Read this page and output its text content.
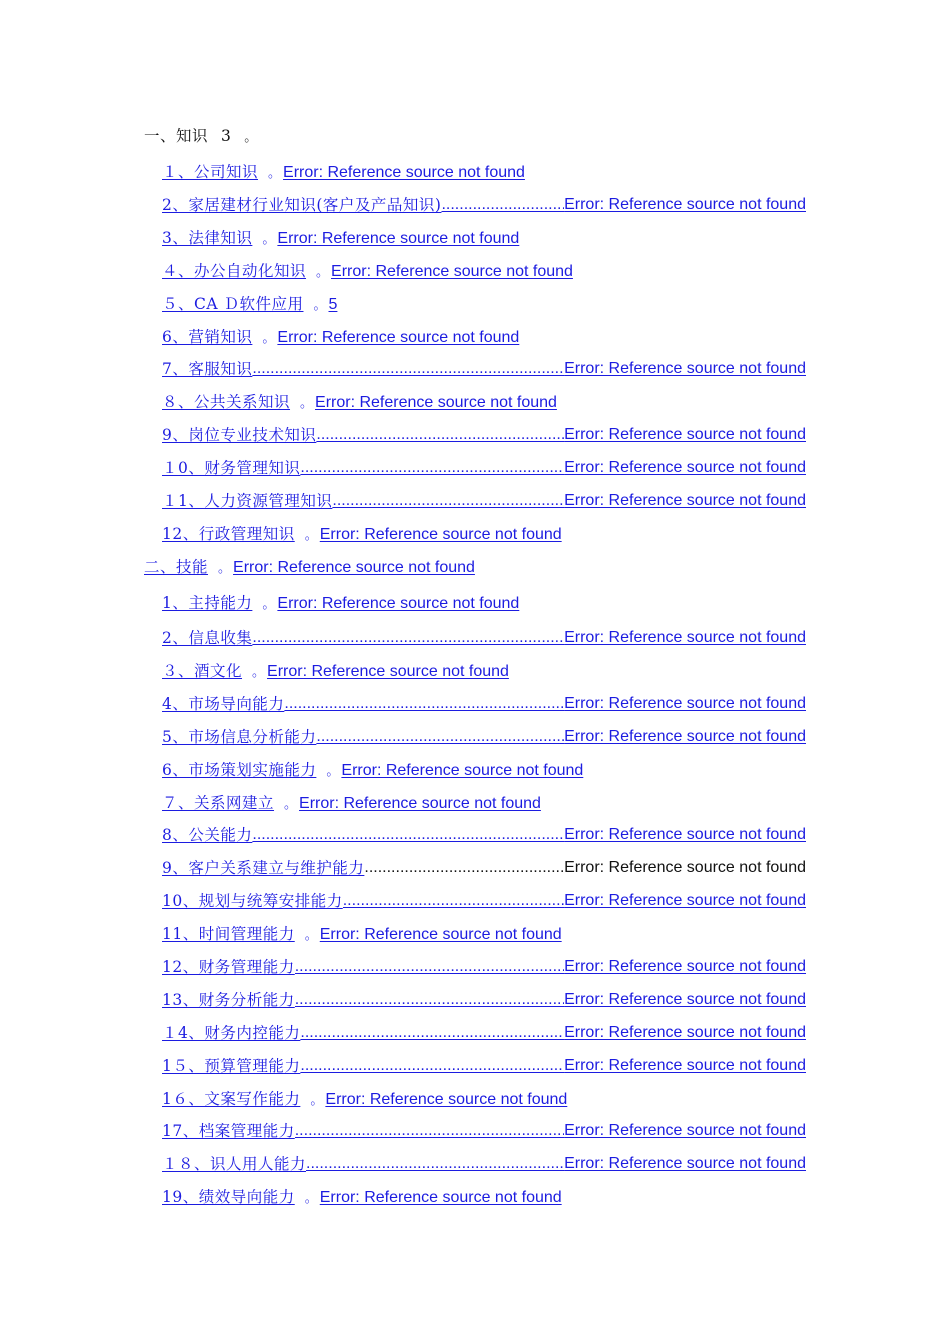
一、知识 3 。
１、公司知识 。 Error: Reference source not found
2、家居建材行业知识(客户及产品知识) .....	Error: Reference source not found
3、法律知识 。 Error: Reference source not found
４、办公自动化知识 。 Error: Reference source not found
５、CA Ｄ软件应用 。 5
6、营销知识 。 Error: Reference source not found
7、客服知识 .....	Error: Reference source not found
８、公共关系知识 。 Error: Reference source not found
9、岗位专业技术知识 .....	Error: Reference source not found
１0、财务管理知识 .....	Error: Reference source not found
１1、人力资源管理知识 .....	Error: Reference source not found
12、行政管理知识 。 Error: Reference source not found
二、技能 。 Error: Reference source not found
1、主持能力 。 Error: Reference source not found
2、信息收集 .....	Error: Reference source not found
３、酒文化 。 Error: Reference source not found
4、市场导向能力 .....	Error: Reference source not found
5、市场信息分析能力 .....	Error: Reference source not found
6、市场策划实施能力 。 Error: Reference source not found
７、关系网建立 。 Error: Reference source not found
8、公关能力 .....	Error: Reference source not found
9、客户关系建立与维护能力 .....	Error: Reference source not found
10、规划与统筹安排能力 .....	Error: Reference source not found
11、时间管理能力 。 Error: Reference source not found
12、财务管理能力 .....	Error: Reference source not found
13、财务分析能力 .....	Error: Reference source not found
１4、财务内控能力 .....	Error: Reference source not found
1５、预算管理能力 .....	Error: Reference source not found
1６、文案写作能力 。 Error: Reference source not found
17、档案管理能力 .....	Error: Reference source not found
１８、识人用人能力 .....	Error: Reference source not found
19、绩效导向能力 。 Error: Reference source not found
